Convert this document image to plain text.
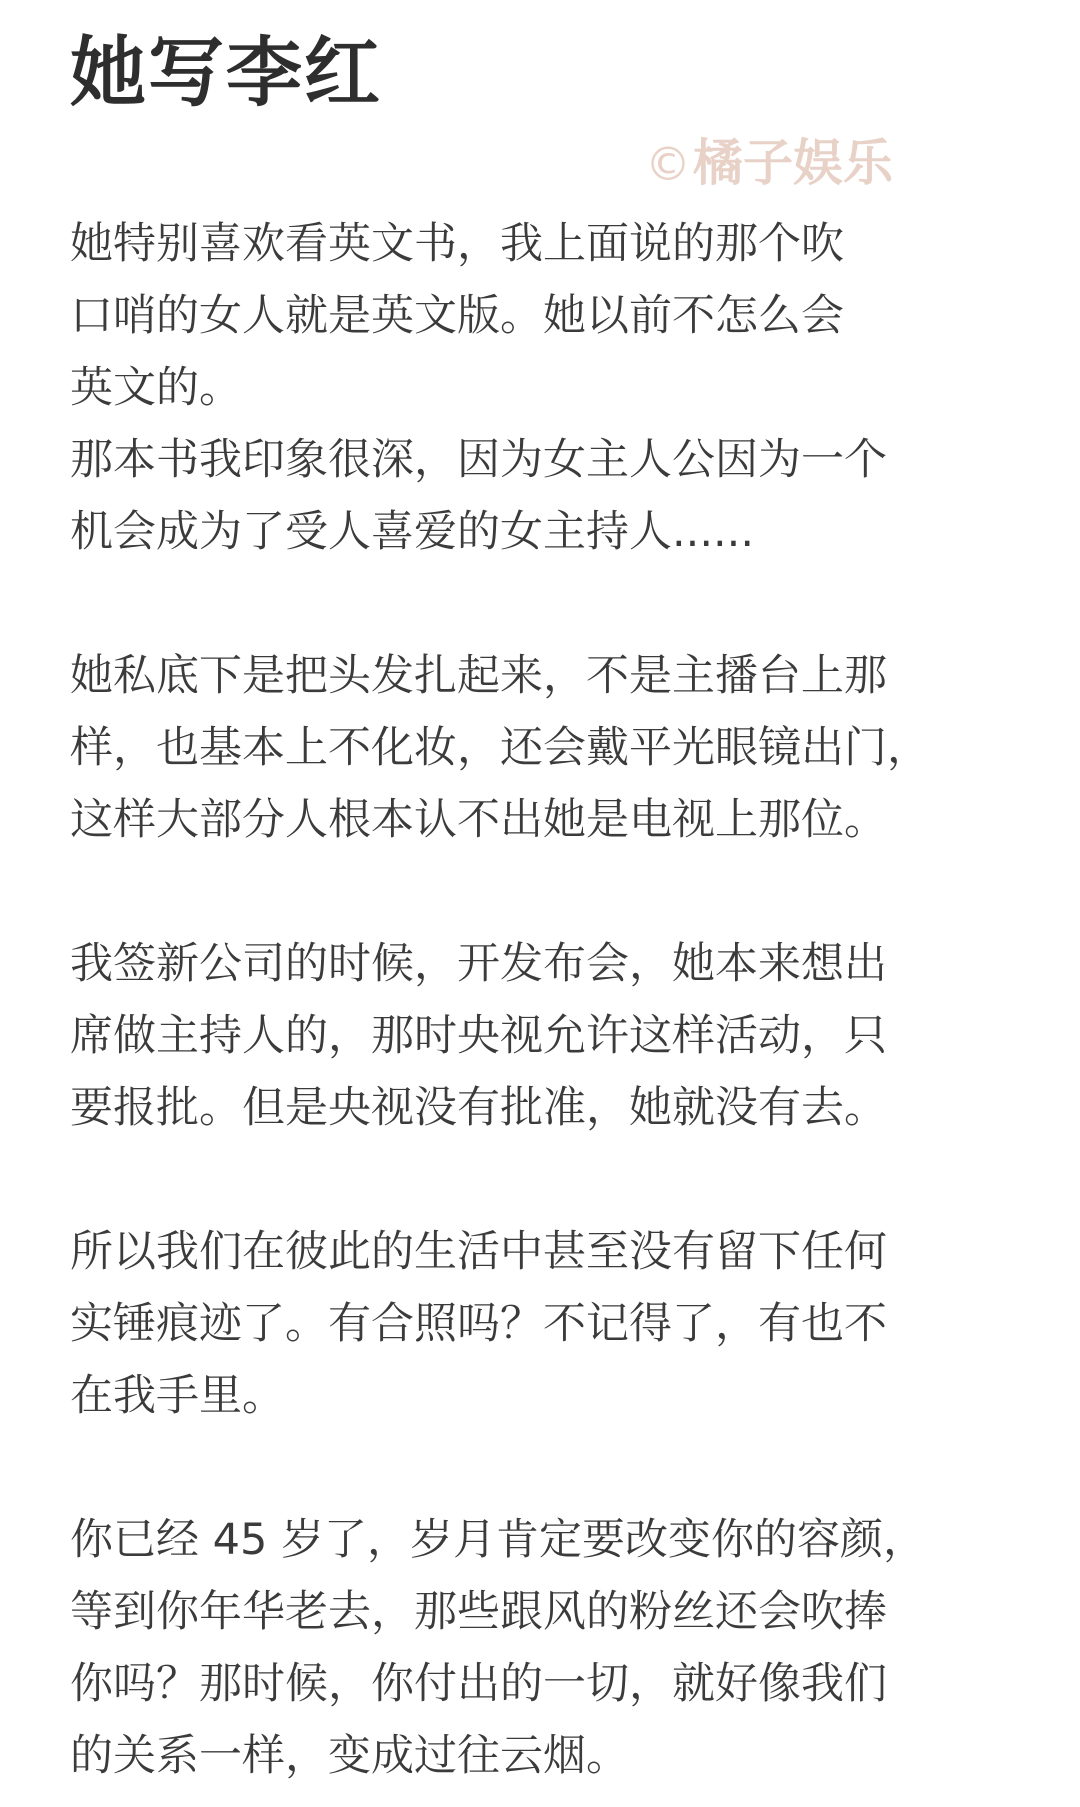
她写李红
©橘子娱乐
她特别喜欢看英文书，我上面说的那个吹
口哨的女人就是英文版。她以前不怎么会
英文的。
那本书我印象很深，因为女主人公因为一个
机会成为了受人喜爱的女主持人......
她私底下是把头发扎起来，不是主播台上那
样，也基本上不化妆，还会戴平光眼镜出门，
这样大部分人根本认不出她是电视上那位。
我签新公司的时候，开发布会，她本来想出
席做主持人的，那时央视允许这样活动，只
要报批。但是央视没有批准，她就没有去。
所以我们在彼此的生活中甚至没有留下任何
实锤痕迹了。有合照吗？不记得了，有也不
在我手里。
你已经 45 岁了，岁月肯定要改变你的容颜，
等到你年华老去，那些跟风的粉丝还会吹捧
你吗？那时候，你付出的一切，就好像我们
的关系一样，变成过往云烟。
